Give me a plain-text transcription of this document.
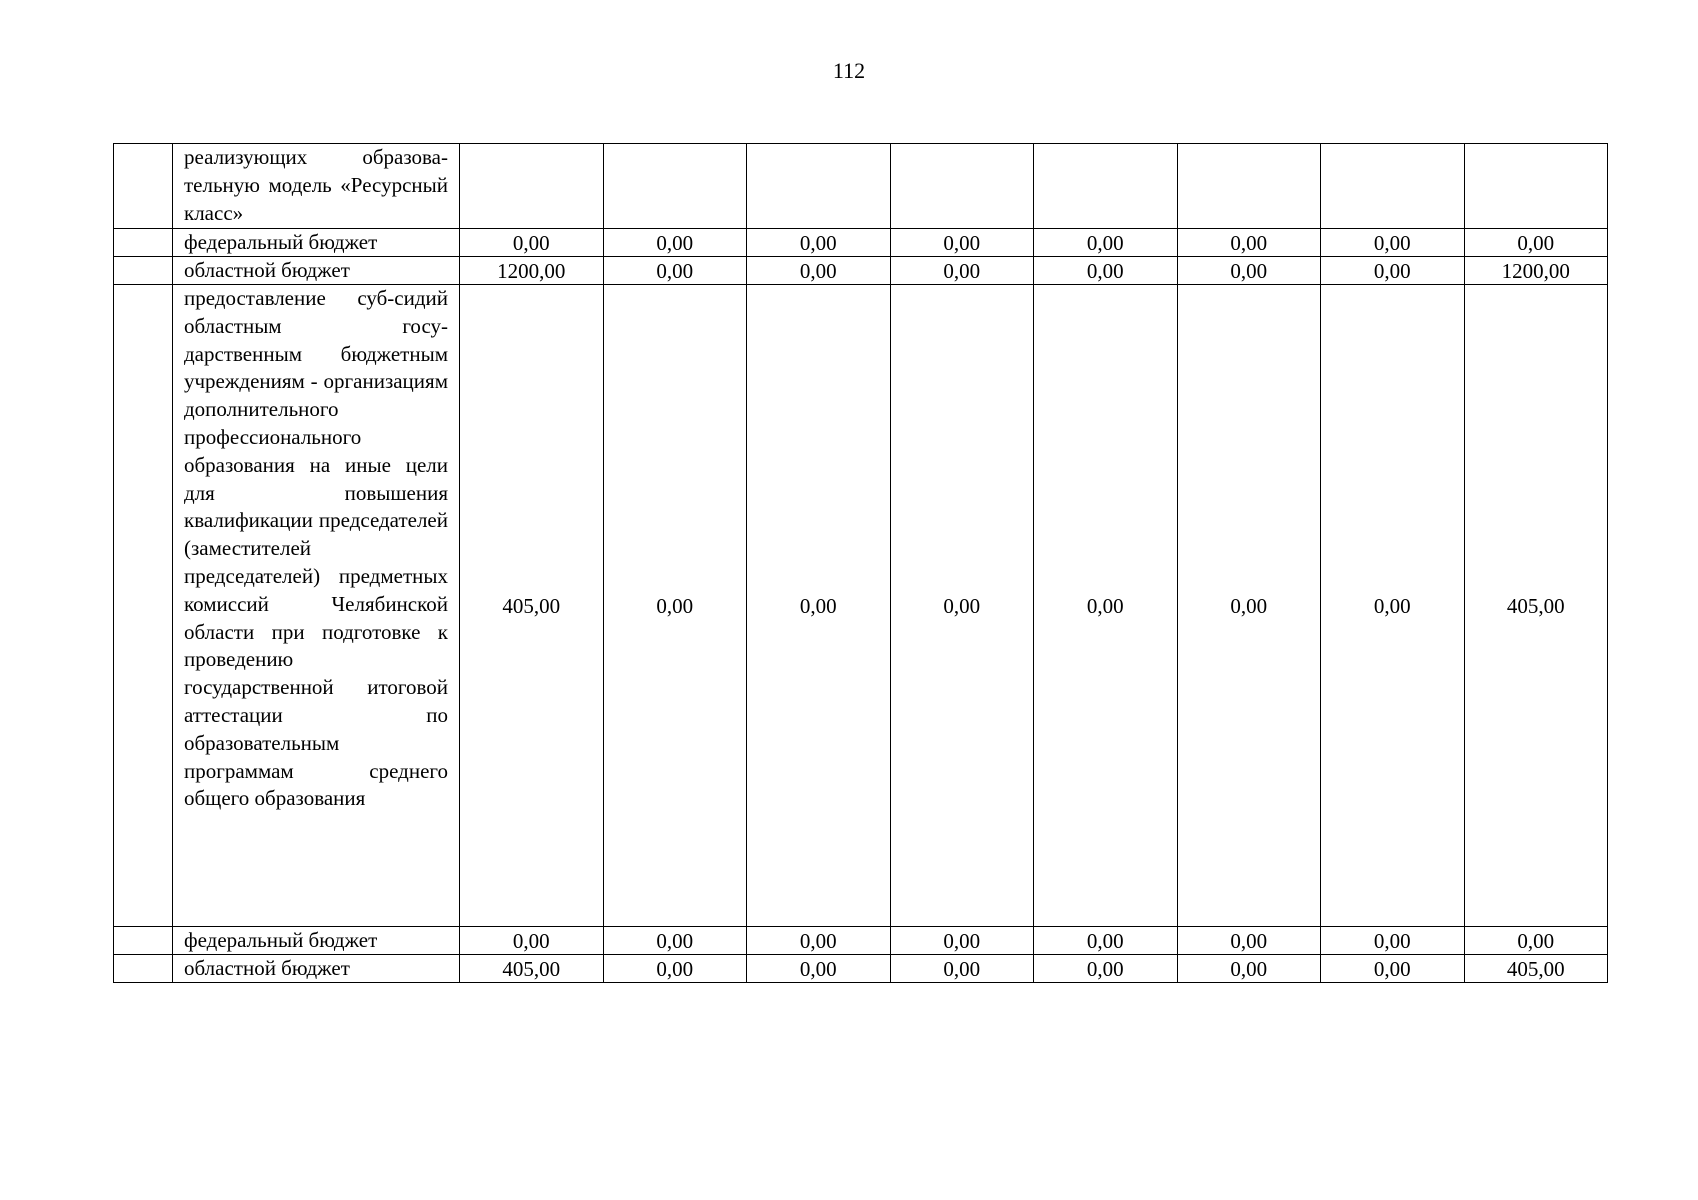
112

	реализующих образова-тельную модель «Ресурсный класс»								

	федеральный бюджет	0,00	0,00	0,00	0,00	0,00	0,00	0,00	0,00
	областной бюджет	1200,00	0,00	0,00	0,00	0,00	0,00	0,00	1200,00

	предоставление суб-сидий областным госу-дарственным бюджетным учреждениям - организациям дополнительного профессионального образования на иные цели для повышения квалификации председателей (заместителей председателей) предметных комиссий Челябинской области при подготовке к проведению государственной итоговой аттестации по образовательным программам среднего общего образования	405,00	0,00	0,00	0,00	0,00	0,00	0,00	405,00
	федеральный бюджет	0,00	0,00	0,00	0,00	0,00	0,00	0,00	0,00
	областной бюджет	405,00	0,00	0,00	0,00	0,00	0,00	0,00	405,00
